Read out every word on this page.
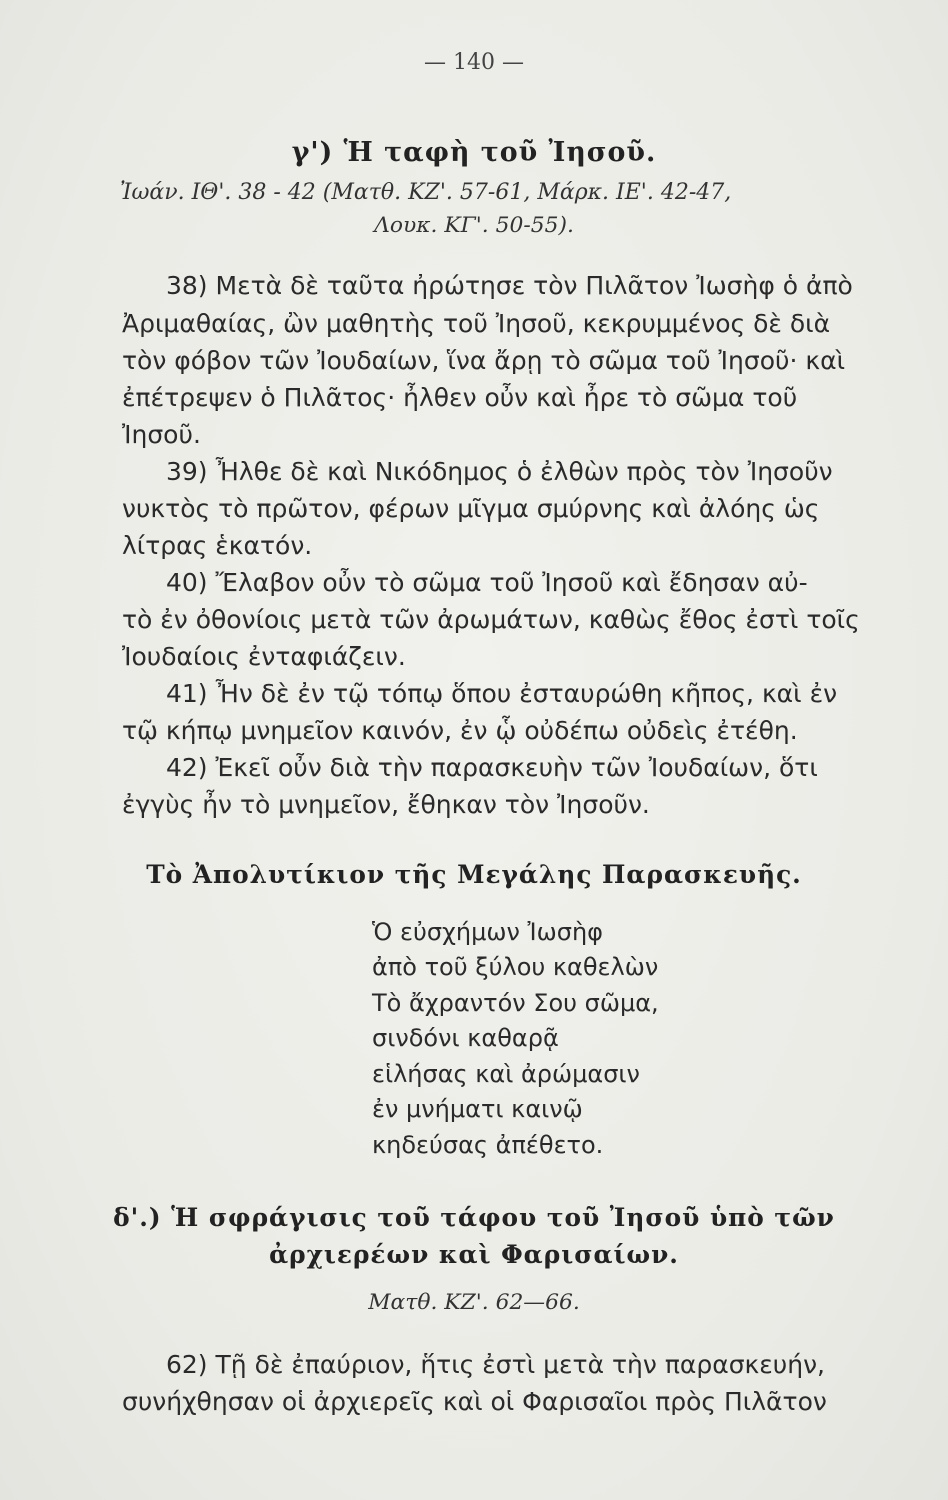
— 140 —
γ') Ἡ ταφὴ τοῦ Ἰησοῦ.
Ἰωάν. ΙΘ'. 38 - 42 (Ματθ. ΚΖ'. 57-61, Μάρκ. ΙΕ'. 42-47,
Λουκ. ΚΓ'. 50-55).
38) Μετὰ δὲ ταῦτα ἠρώτησε τὸν Πιλᾶτον Ἰωσὴφ ὁ ἀπὸ
Ἀριμαθαίας, ὢν μαθητὴς τοῦ Ἰησοῦ, κεκρυμμένος δὲ διὰ
τὸν φόβον τῶν Ἰουδαίων, ἵνα ἄρῃ τὸ σῶμα τοῦ Ἰησοῦ· καὶ
ἐπέτρεψεν ὁ Πιλᾶτος· ἦλθεν οὖν καὶ ἦρε τὸ σῶμα τοῦ
Ἰησοῦ.
39) Ἦλθε δὲ καὶ Νικόδημος ὁ ἐλθὼν πρὸς τὸν Ἰησοῦν
νυκτὸς τὸ πρῶτον, φέρων μῖγμα σμύρνης καὶ ἀλόης ὡς
λίτρας ἑκατόν.
40) Ἔλαβον οὖν τὸ σῶμα τοῦ Ἰησοῦ καὶ ἔδησαν αὐ-
τὸ ἐν ὀθονίοις μετὰ τῶν ἀρωμάτων, καθὼς ἔθος ἐστὶ τοῖς
Ἰουδαίοις ἐνταφιάζειν.
41) Ἦν δὲ ἐν τῷ τόπῳ ὅπου ἐσταυρώθη κῆπος, καὶ ἐν
τῷ κήπῳ μνημεῖον καινόν, ἐν ᾧ οὐδέπω οὐδεὶς ἐτέθη.
42) Ἐκεῖ οὖν διὰ τὴν παρασκευὴν τῶν Ἰουδαίων, ὅτι
ἐγγὺς ἦν τὸ μνημεῖον, ἔθηκαν τὸν Ἰησοῦν.
Τὸ Ἀπολυτίκιον τῆς Μεγάλης Παρασκευῆς.
Ὁ εὐσχήμων Ἰωσὴφ
ἀπὸ τοῦ ξύλου καθελὼν
Τὸ ἄχραντόν Σου σῶμα,
σινδόνι καθαρᾷ
εἱλήσας καὶ ἀρώμασιν
ἐν μνήματι καινῷ
κηδεύσας ἀπέθετο.
δ'.) Ἡ σφράγισις τοῦ τάφου τοῦ Ἰησοῦ ὑπὸ τῶν
ἀρχιερέων καὶ Φαρισαίων.
Ματθ. ΚΖ'. 62—66.
62) Τῇ δὲ ἐπαύριον, ἥτις ἐστὶ μετὰ τὴν παρασκευήν,
συνήχθησαν οἱ ἀρχιερεῖς καὶ οἱ Φαρισαῖοι πρὸς Πιλᾶτον
